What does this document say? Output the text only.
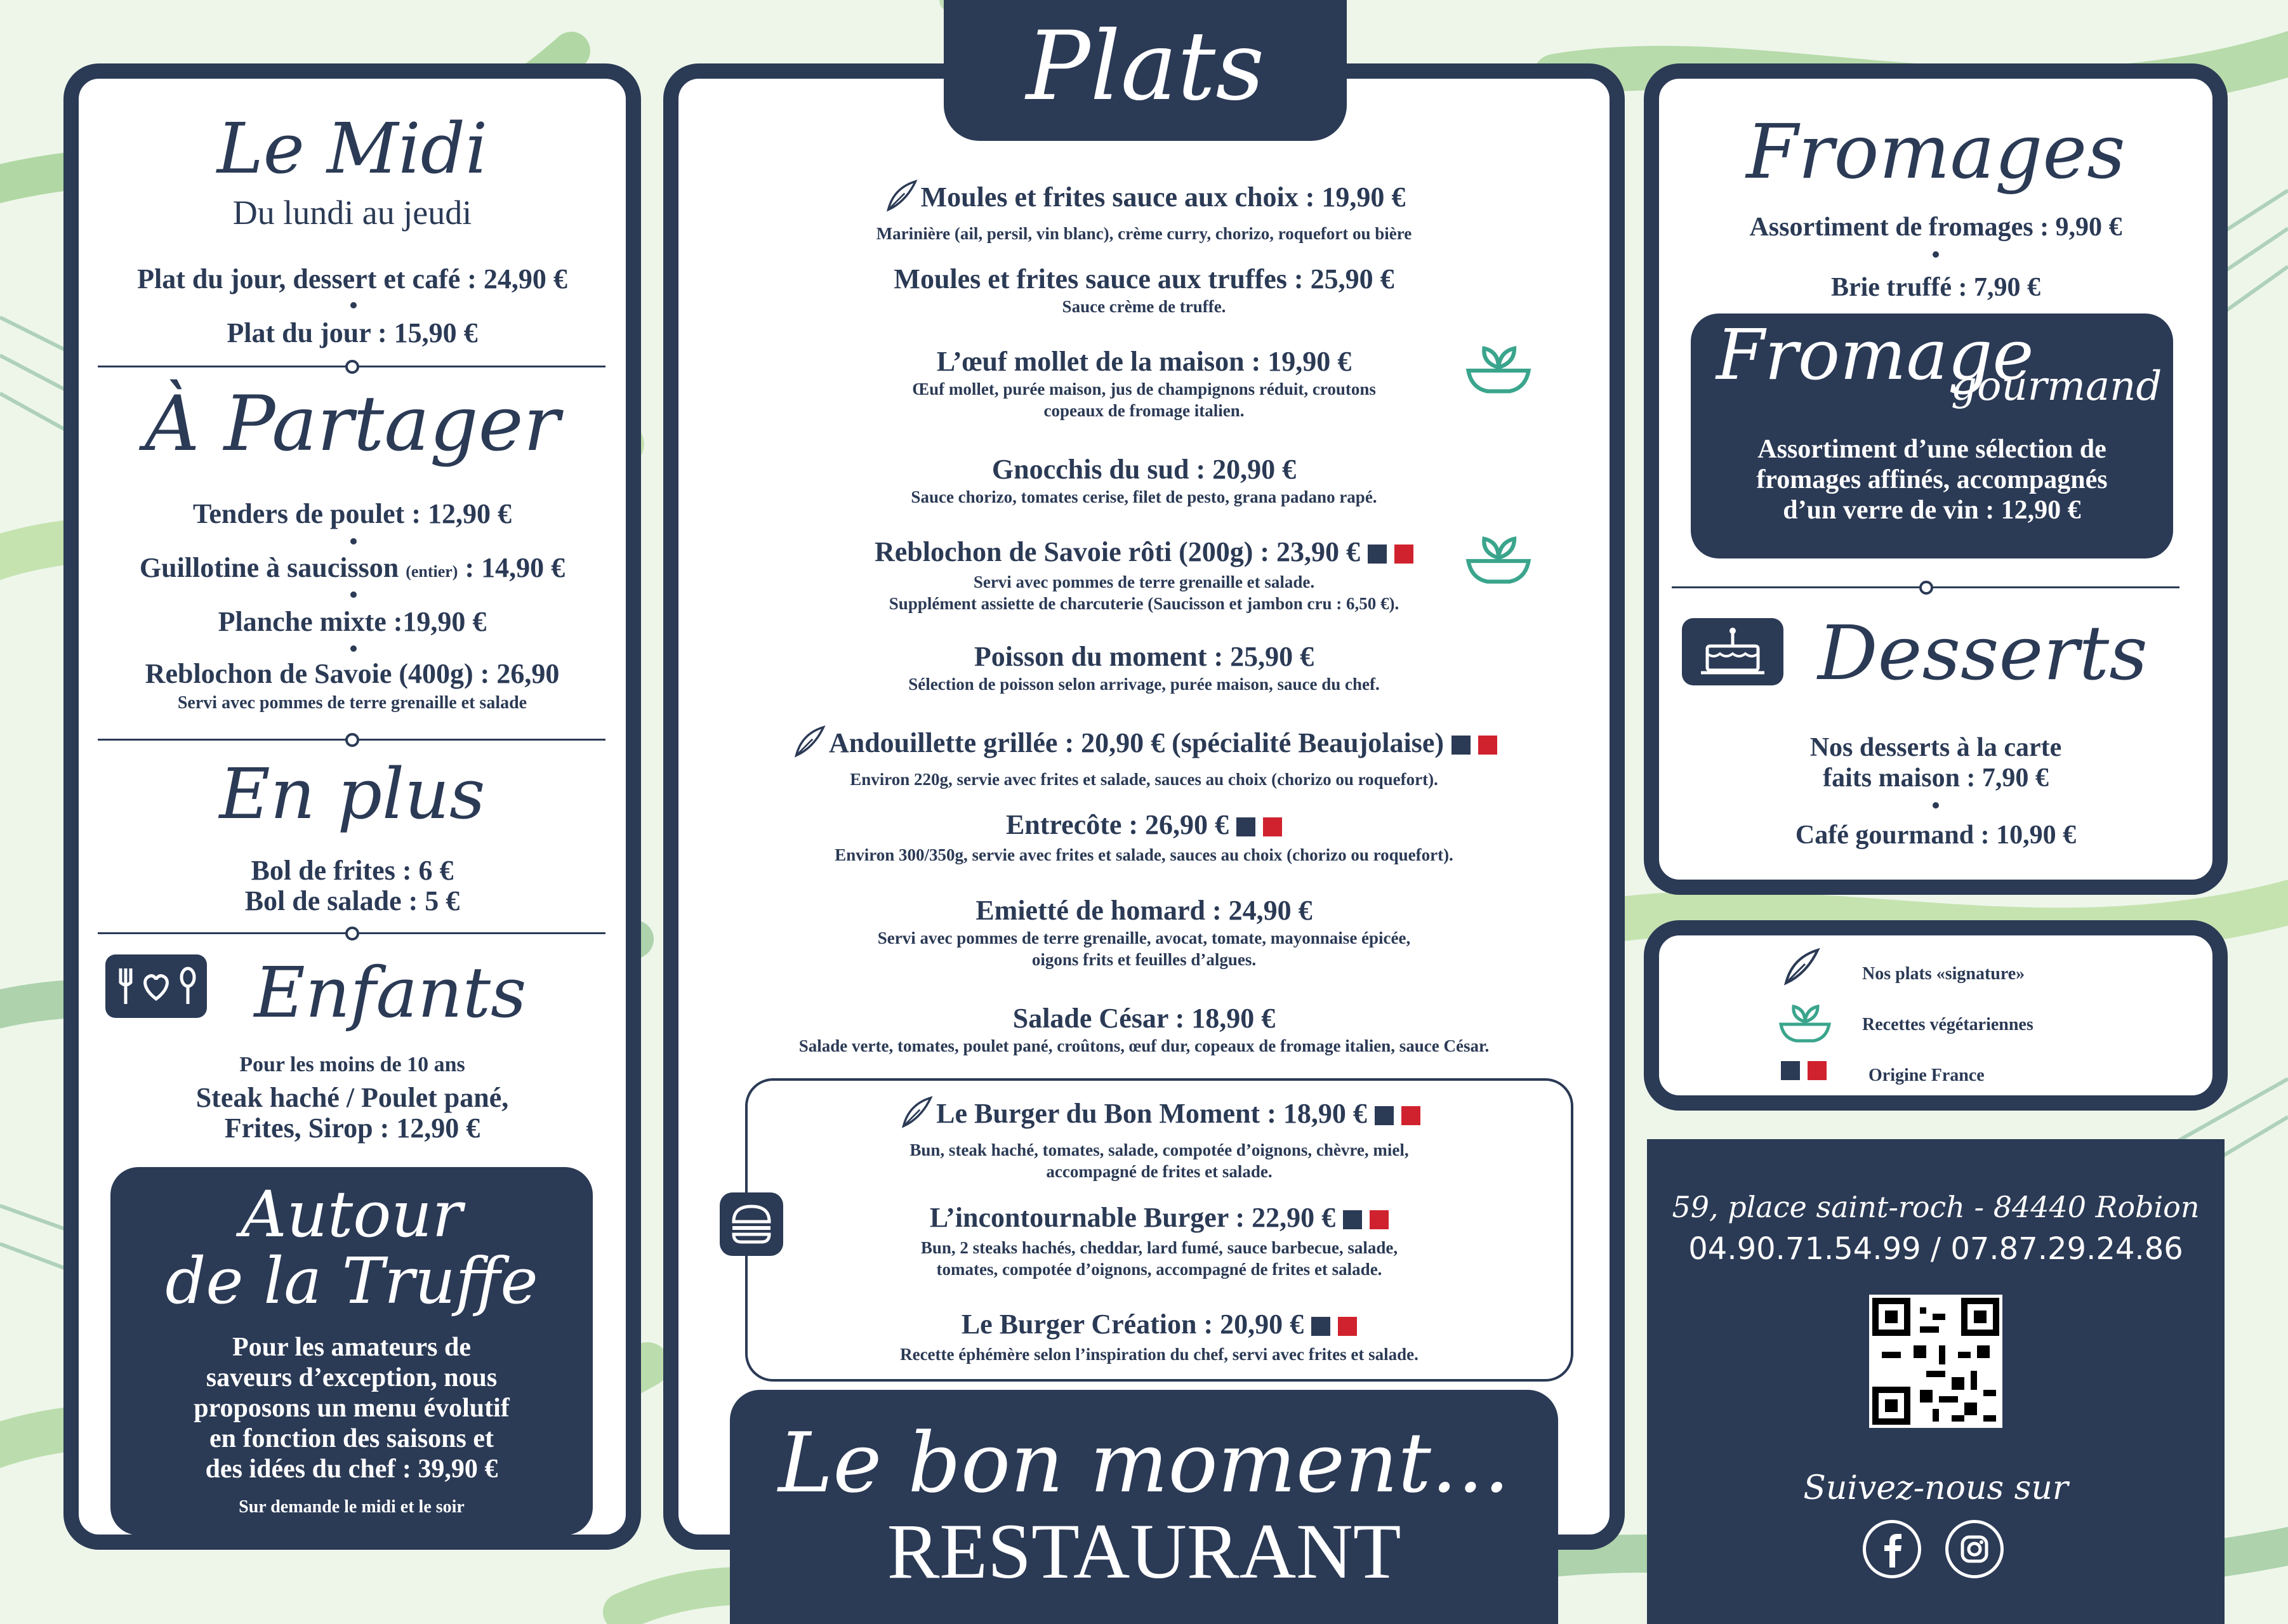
Le Midi
Du lundi au jeudi
Plat du jour, dessert et café : 24,90 €
Plat du jour : 15,90 €
À Partager
Tenders de poulet : 12,90 €
Guillotine à saucisson (entier) : 14,90 €
Planche mixte :19,90 €
Reblochon de Savoie (400g) : 26,90
Servi avec pommes de terre grenaille et salade
En plus
Bol de frites : 6 €
Bol de salade : 5 €
Enfants
Pour les moins de 10 ans
Steak haché / Poulet pané,
Frites, Sirop : 12,90 €
Autour
de la Truffe
Pour les amateurs de
saveurs d’exception, nous
proposons un menu évolutif
en fonction des saisons et
des idées du chef : 39,90 €
Sur demande le midi et le soir
Moules et frites sauce aux choix : 19,90 €
Marinière (ail, persil, vin blanc), crème curry, chorizo, roquefort ou bière
Moules et frites sauce aux truffes : 25,90 €
Sauce crème de truffe.
L’œuf mollet de la maison : 19,90 €
Œuf mollet, purée maison, jus de champignons réduit, croutons
copeaux de fromage italien.
Gnocchis du sud : 20,90 €
Sauce chorizo, tomates cerise, filet de pesto, grana padano rapé.
Reblochon de Savoie rôti (200g) : 23,90 €
Servi avec pommes de terre grenaille et salade.
Supplément assiette de charcuterie (Saucisson et jambon cru : 6,50 €).
Poisson du moment : 25,90 €
Sélection de poisson selon arrivage, purée maison, sauce du chef.
Andouillette grillée : 20,90 € (spécialité Beaujolaise)
Environ 220g, servie avec frites et salade, sauces au choix (chorizo ou roquefort).
Entrecôte : 26,90 €
Environ 300/350g, servie avec frites et salade, sauces au choix (chorizo ou roquefort).
Emietté de homard : 24,90 €
Servi avec pommes de terre grenaille, avocat, tomate, mayonnaise épicée,
oigons frits et feuilles d’algues.
Salade César : 18,90 €
Salade verte, tomates, poulet pané, croûtons, œuf dur, copeaux de fromage italien, sauce César.
Le Burger du Bon Moment : 18,90 €
Bun, steak haché, tomates, salade, compotée d’oignons, chèvre, miel,
accompagné de frites et salade.
L’incontournable Burger : 22,90 €
Bun, 2 steaks hachés, cheddar, lard fumé, sauce barbecue, salade,
tomates, compotée d’oignons, accompagné de frites et salade.
Le Burger Création : 20,90 €
Recette éphémère selon l’inspiration du chef, servi avec frites et salade.
Plats
Le bon moment...
RESTAURANT
Fromages
Assortiment de fromages : 9,90 €
Brie truffé : 7,90 €
Fromage
gourmand
Assortiment d’une sélection de
fromages affinés, accompagnés
d’un verre de vin : 12,90 €
Desserts
Nos desserts à la carte
faits maison : 7,90 €
Café gourmand : 10,90 €
Nos plats «signature»
Recettes végétariennes
Origine France
59, place saint-roch - 84440 Robion
04.90.71.54.99 / 07.87.29.24.86
Suivez-nous sur
